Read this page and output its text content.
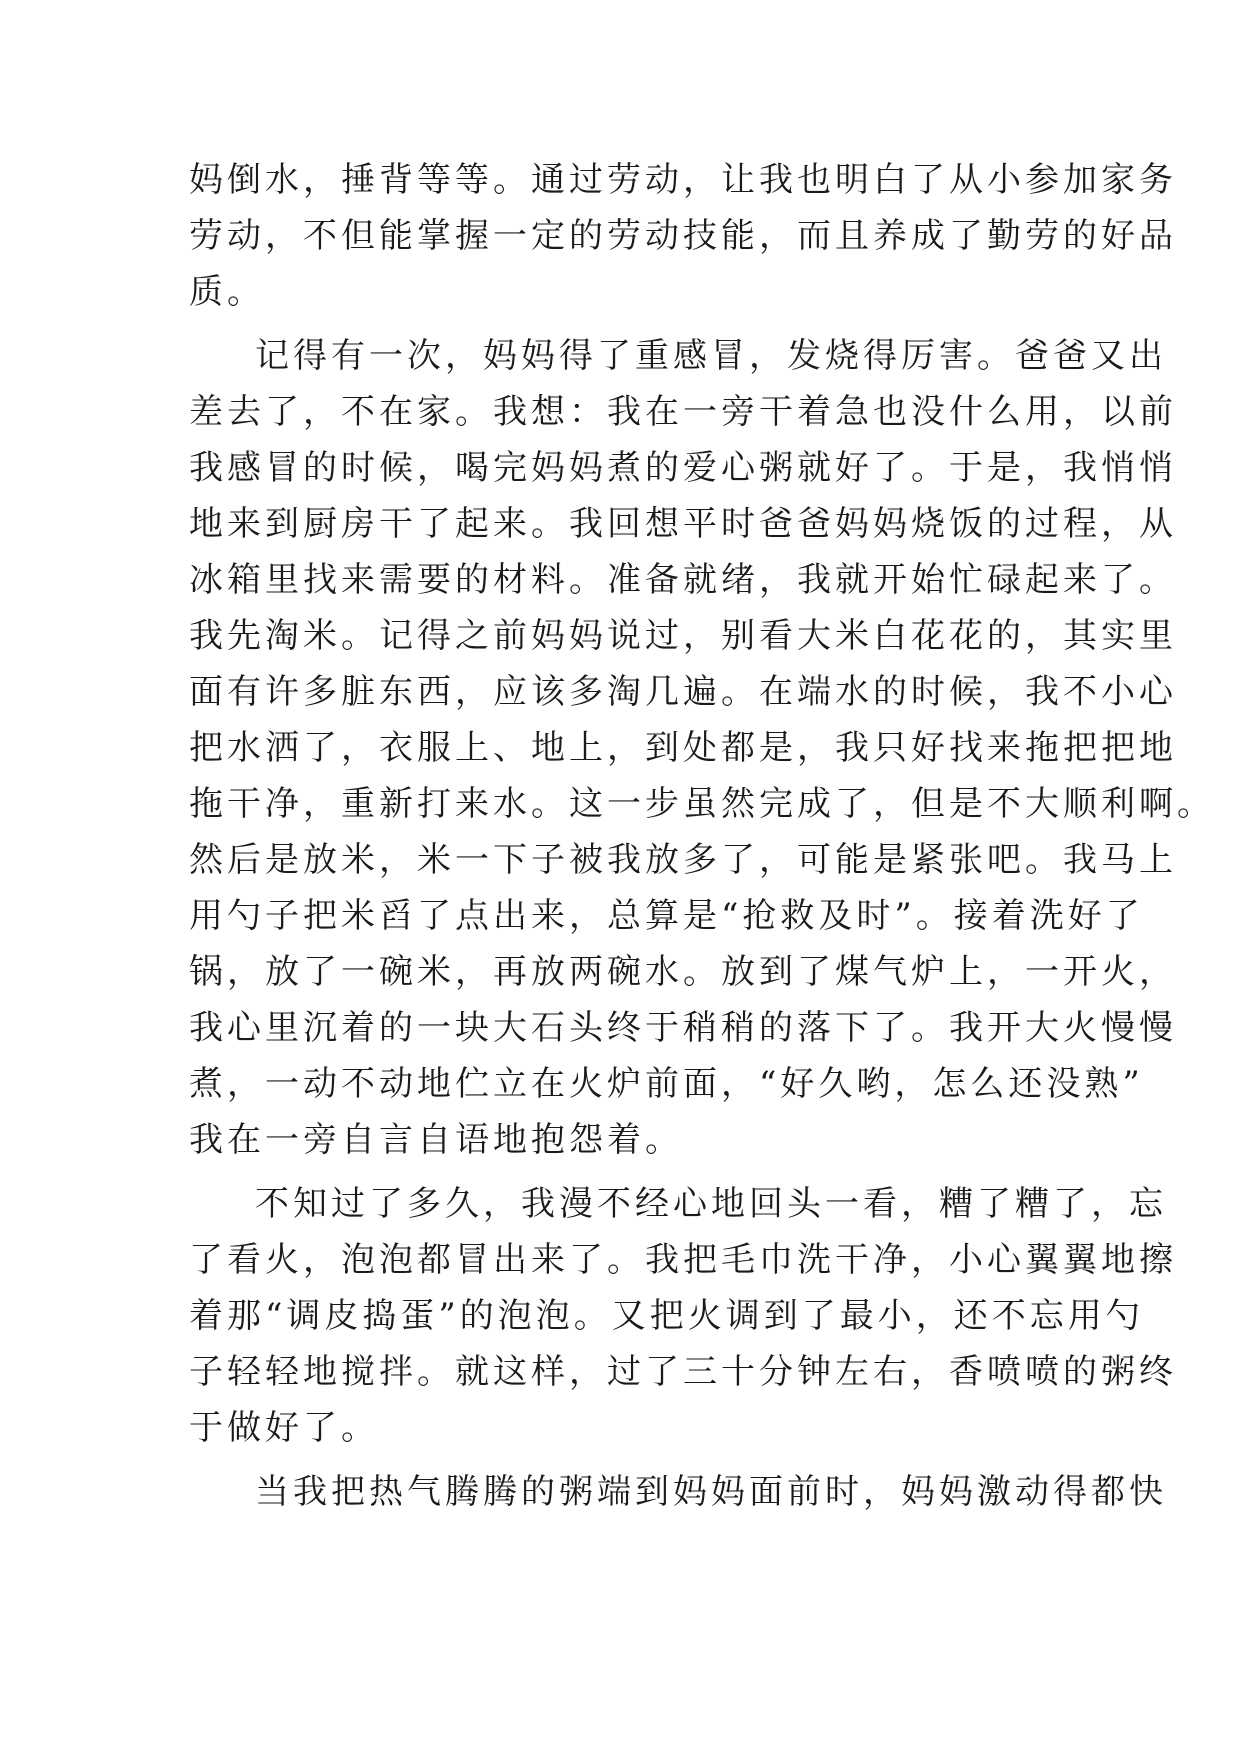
妈倒水，捶背等等。通过劳动，让我也明白了从小参加家务
劳动，不但能掌握一定的劳动技能，而且养成了勤劳的好品
质。
记得有一次，妈妈得了重感冒，发烧得厉害。爸爸又出
差去了，不在家。我想：我在一旁干着急也没什么用，以前
我感冒的时候，喝完妈妈煮的爱心粥就好了。于是，我悄悄
地来到厨房干了起来。我回想平时爸爸妈妈烧饭的过程，从
冰箱里找来需要的材料。准备就绪，我就开始忙碌起来了。
我先淘米。记得之前妈妈说过，别看大米白花花的，其实里
面有许多脏东西，应该多淘几遍。在端水的时候，我不小心
把水洒了，衣服上、地上，到处都是，我只好找来拖把把地
拖干净，重新打来水。这一步虽然完成了，但是不大顺利啊。
然后是放米，米一下子被我放多了，可能是紧张吧。我马上
用勺子把米舀了点出来，总算是“抢救及时”。接着洗好了
锅，放了一碗米，再放两碗水。放到了煤气炉上，一开火，
我心里沉着的一块大石头终于稍稍的落下了。我开大火慢慢
煮，一动不动地伫立在火炉前面，“好久哟，怎么还没熟”
我在一旁自言自语地抱怨着。
不知过了多久，我漫不经心地回头一看，糟了糟了，忘
了看火，泡泡都冒出来了。我把毛巾洗干净，小心翼翼地擦
着那“调皮捣蛋”的泡泡。又把火调到了最小，还不忘用勺
子轻轻地搅拌。就这样，过了三十分钟左右，香喷喷的粥终
于做好了。
当我把热气腾腾的粥端到妈妈面前时，妈妈激动得都快
